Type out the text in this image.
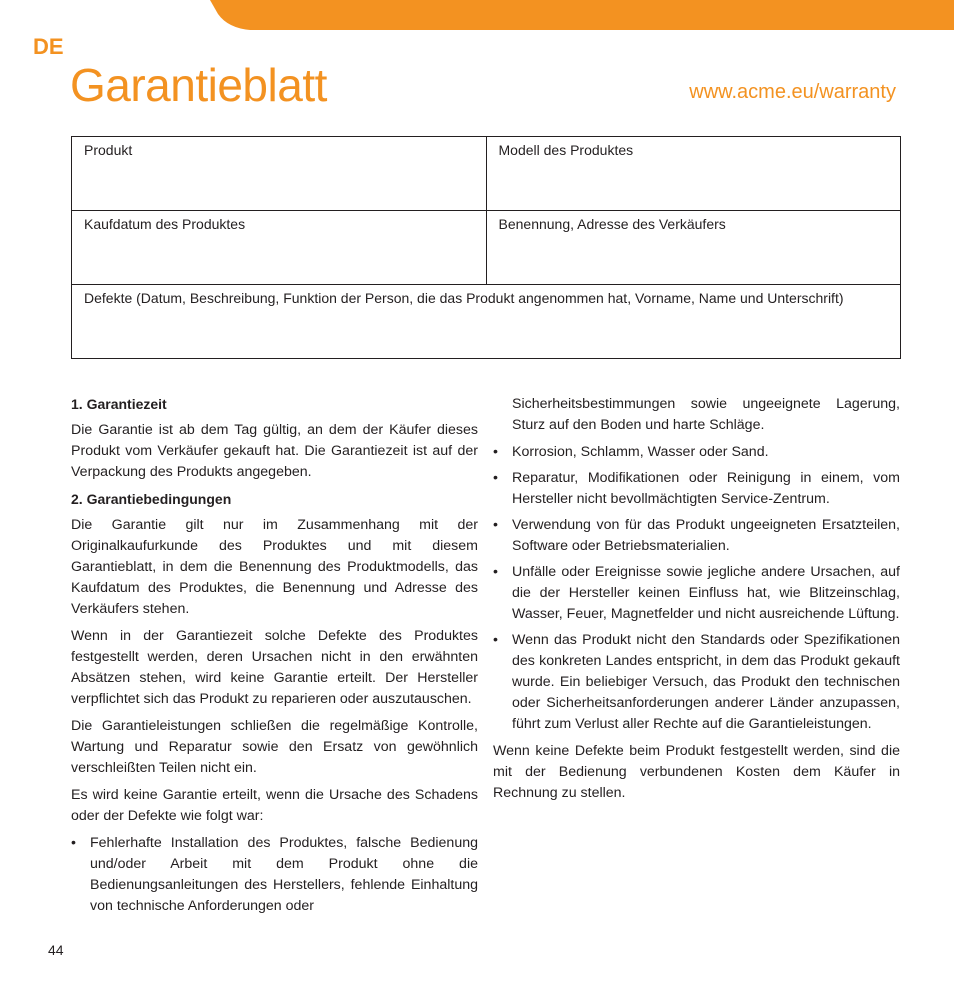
DE
Garantieblatt	www.acme.eu/warranty
Produkt	Modell des Produktes
Kaufdatum des Produktes	Benennung, Adresse des Verkäufers
Defekte (Datum, Beschreibung, Funktion der Person, die das Produkt angenommen hat, Vorname, Name und Unterschrift)	
1. Garantiezeit

Die Garantie ist ab dem Tag gültig, an dem der Käufer dieses Produkt vom Verkäufer gekauft hat. Die Garantiezeit ist auf der Verpackung des Produkts angegeben.

2. Garantiebedingungen

Die Garantie gilt nur im Zusammenhang mit der Originalkaufurkunde des Produktes und mit diesem Garantieblatt, in dem die Benennung des Produktmodells, das Kaufdatum des Produktes, die Benennung und Adresse des Verkäufers stehen.

Wenn in der Garantiezeit solche Defekte des Produktes festgestellt werden, deren Ursachen nicht in den erwähnten Absätzen stehen, wird keine Garantie erteilt. Der Hersteller verpflichtet sich das Produkt zu reparieren oder auszutauschen.

Die Garantieleistungen schließen die regelmäßige Kontrolle, Wartung und Reparatur sowie den Ersatz von gewöhnlich verschleißten Teilen nicht ein.

Es wird keine Garantie erteilt, wenn die Ursache des Schadens oder der Defekte wie folgt war:

• Fehlerhafte Installation des Produktes, falsche Bedienung und/oder Arbeit mit dem Produkt ohne die Bedienungsanleitungen des Herstellers, fehlende Einhaltung von technische Anforderungen oder

Sicherheitsbestimmungen sowie ungeeignete Lagerung, Sturz auf den Boden und harte Schläge.

• Korrosion, Schlamm, Wasser oder Sand.
• Reparatur, Modifikationen oder Reinigung in einem, vom Hersteller nicht bevollmächtigten Service-Zentrum.
• Verwendung von für das Produkt ungeeigneten Ersatzteilen, Software oder Betriebsmaterialien.
• Unfälle oder Ereignisse sowie jegliche andere Ursachen, auf die der Hersteller keinen Einfluss hat, wie Blitzeinschlag, Wasser, Feuer, Magnetfelder und nicht ausreichende Lüftung.
• Wenn das Produkt nicht den Standards oder Spezifikationen des konkreten Landes entspricht, in dem das Produkt gekauft wurde. Ein beliebiger Versuch, das Produkt den technischen oder Sicherheitsanforderungen anderer Länder anzupassen, führt zum Verlust aller Rechte auf die Garantieleistungen.

Wenn keine Defekte beim Produkt festgestellt werden, sind die mit der Bedienung verbundenen Kosten dem Käufer in Rechnung zu stellen.

44
